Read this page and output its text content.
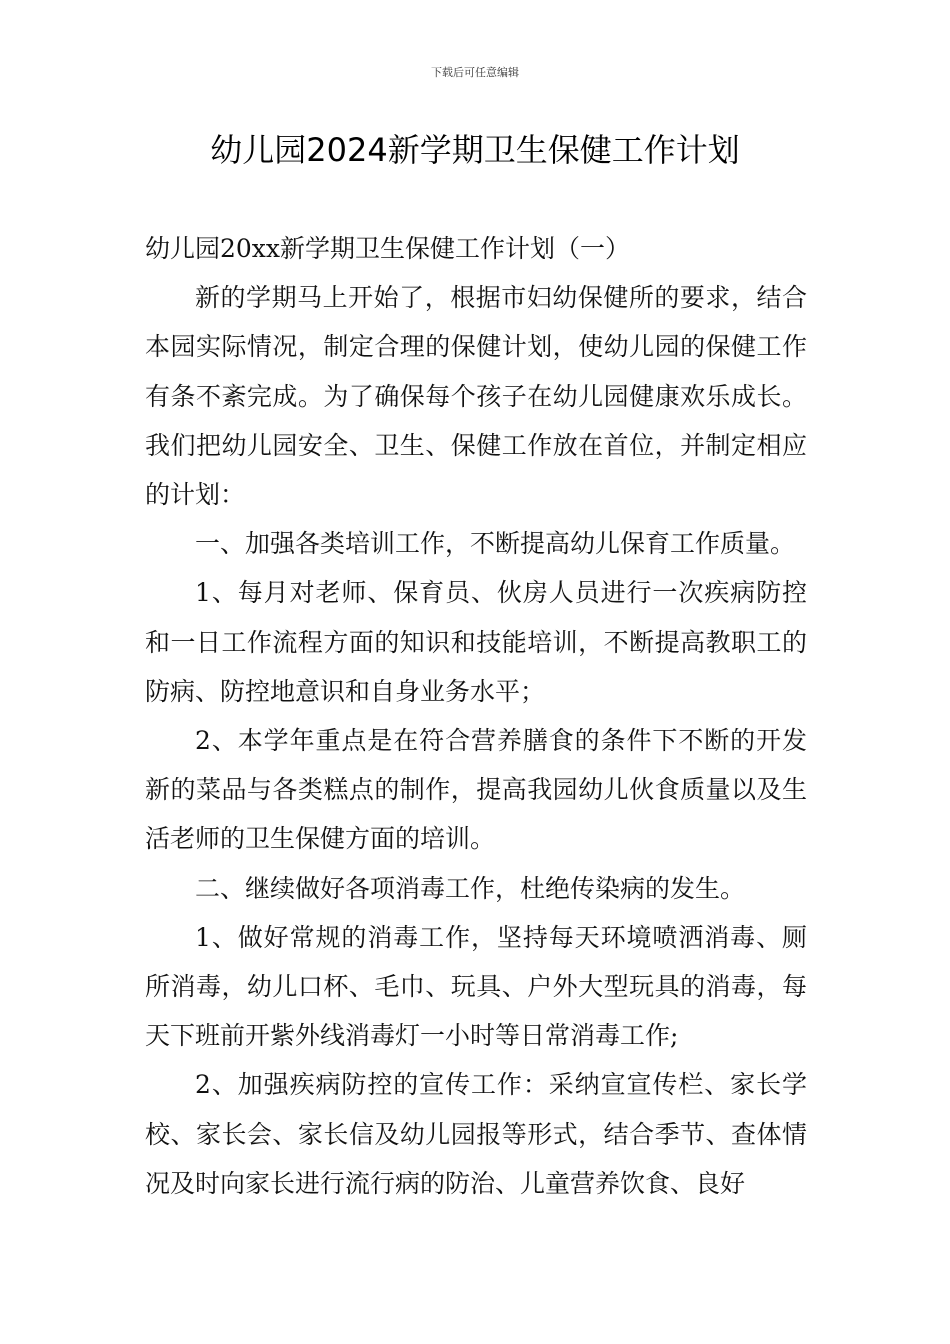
下载后可任意编辑
幼儿园2024新学期卫生保健工作计划

幼儿园20xx新学期卫生保健工作计划（一）

新的学期马上开始了，根据市妇幼保健所的要求，结合本园实际情况，制定合理的保健计划，使幼儿园的保健工作有条不紊完成。为了确保每个孩子在幼儿园健康欢乐成长。我们把幼儿园安全、卫生、保健工作放在首位，并制定相应的计划：

一、加强各类培训工作，不断提高幼儿保育工作质量。

1、每月对老师、保育员、伙房人员进行一次疾病防控和一日工作流程方面的知识和技能培训，不断提高教职工的防病、防控地意识和自身业务水平；

2、本学年重点是在符合营养膳食的条件下不断的开发新的菜品与各类糕点的制作，提高我园幼儿伙食质量以及生活老师的卫生保健方面的培训。

二、继续做好各项消毒工作，杜绝传染病的发生。

1、做好常规的消毒工作，坚持每天环境喷洒消毒、厕所消毒，幼儿口杯、毛巾、玩具、户外大型玩具的消毒，每天下班前开紫外线消毒灯一小时等日常消毒工作;

2、加强疾病防控的宣传工作：采纳宣宣传栏、家长学校、家长会、家长信及幼儿园报等形式，结合季节、查体情况及时向家长进行流行病的防治、儿童营养饮食、良好
